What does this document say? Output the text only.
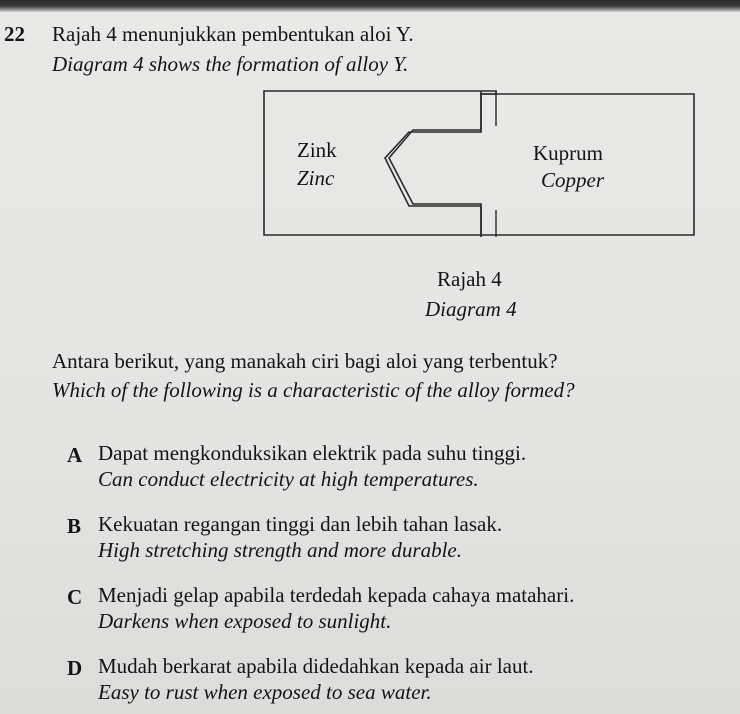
22 Rajah 4 menunjukkan pembentukan aloi Y.
Diagram 4 shows the formation of alloy Y.
Zink
Zinc
Kuprum
Copper
Rajah 4
Diagram 4
Antara berikut, yang manakah ciri bagi aloi yang terbentuk?
Which of the following is a characteristic of the alloy formed?
A Dapat mengkonduksikan elektrik pada suhu tinggi.
Can conduct electricity at high temperatures.
B Kekuatan regangan tinggi dan lebih tahan lasak.
High stretching strength and more durable.
C Menjadi gelap apabila terdedah kepada cahaya matahari.
Darkens when exposed to sunlight.
D Mudah berkarat apabila didedahkan kepada air laut.
Easy to rust when exposed to sea water.
